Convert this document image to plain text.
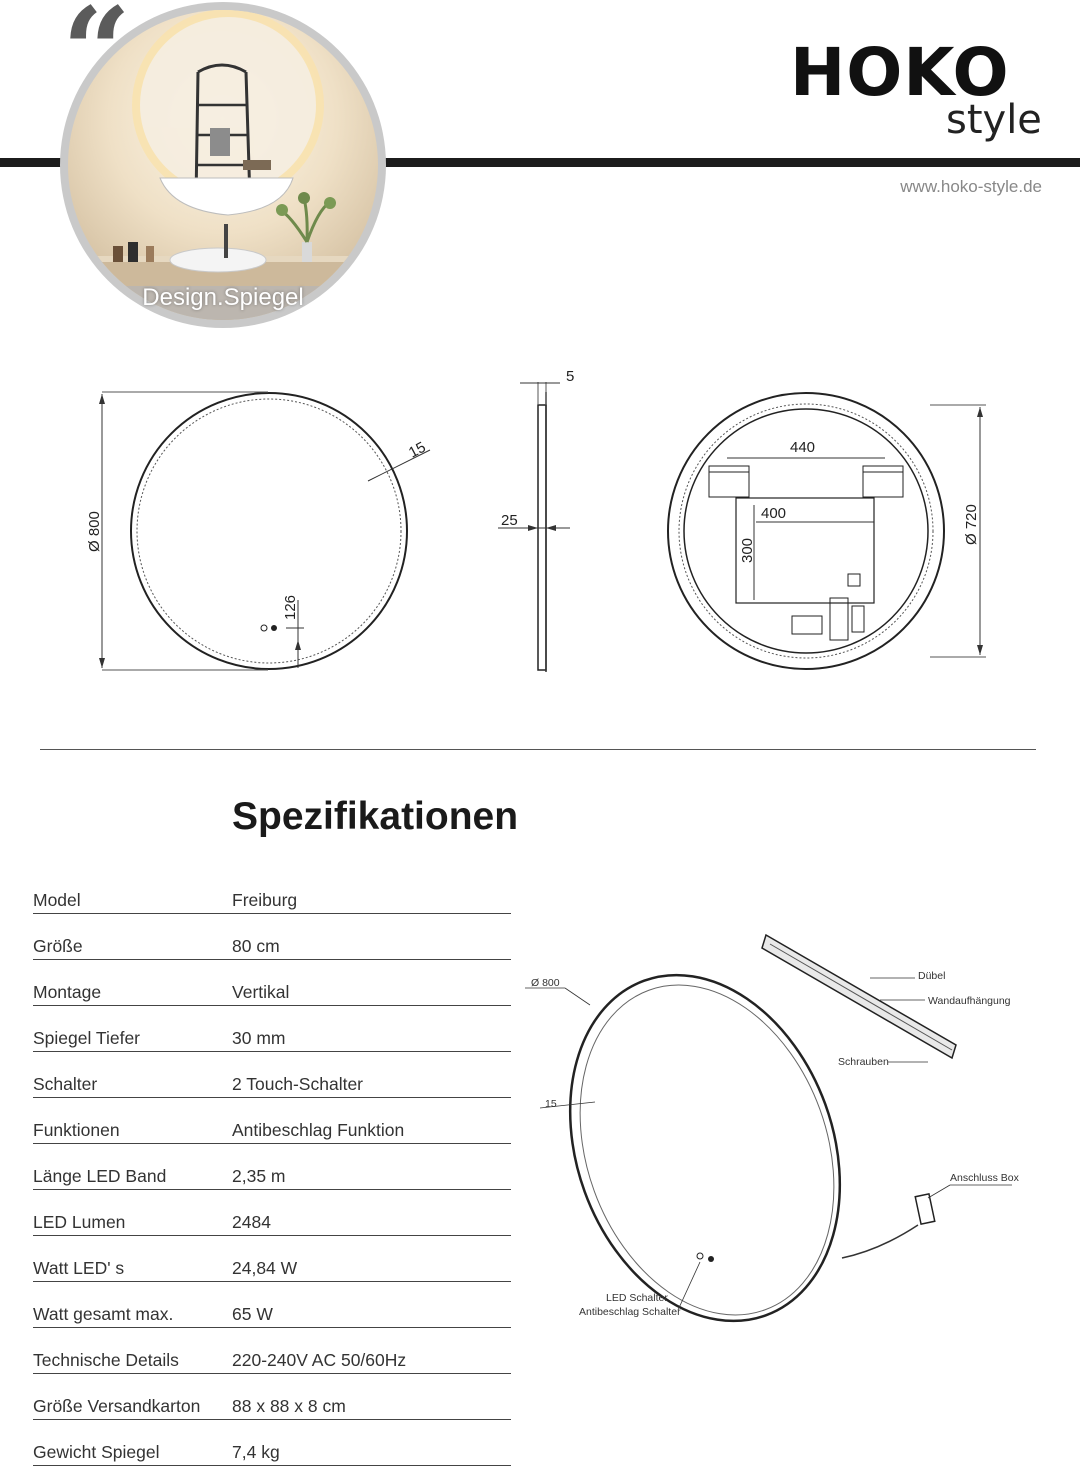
“
Design.Spiegel
HOKO
style
www.hoko-style.de
Ø 800
15
126
5
25
440
400
300
Ø 720
Spezifikationen
Model	Freiburg
Größe	80 cm
Montage	Vertikal
Spiegel Tiefer	30 mm
Schalter	2 Touch-Schalter
Funktionen	Antibeschlag Funktion
Länge LED Band	2,35 m
LED Lumen	2484
Watt LED' s	24,84 W
Watt gesamt max.	65 W
Technische Details	220-240V AC 50/60Hz
Größe Versandkarton 88 x 88 x 8 cm
Gewicht Spiegel	7,4 kg
Ø 800
15
Dübel
Wandaufhängung
Schrauben
Anschluss Box
LED Schalter
Antibeschlag Schalter
